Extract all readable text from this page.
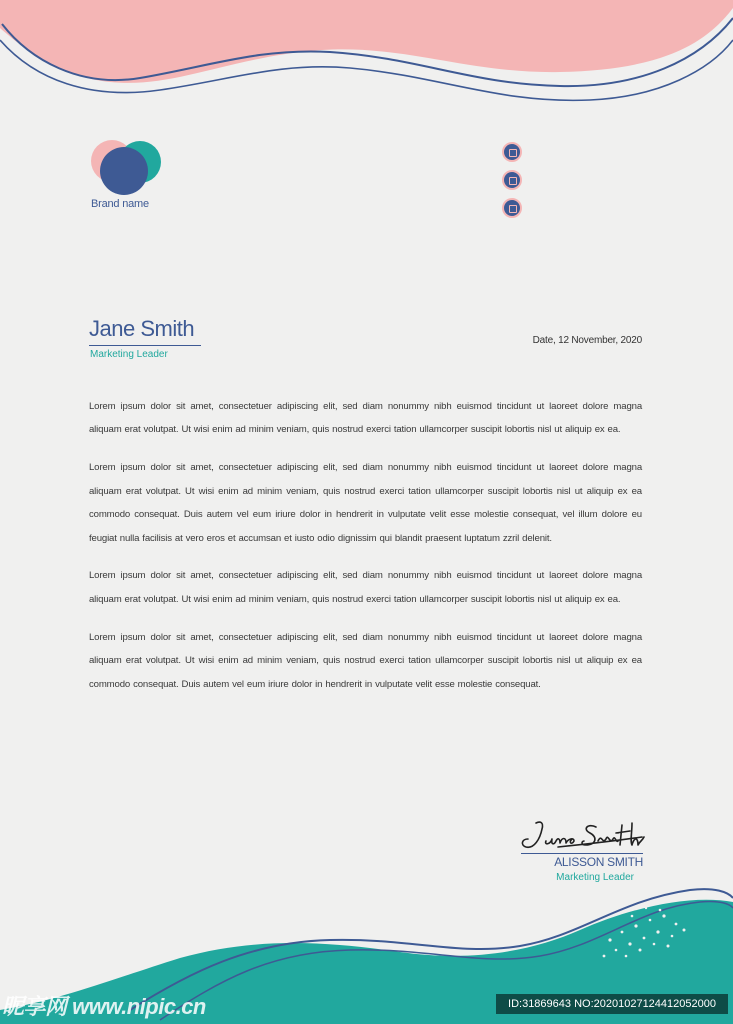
Brand name
Jane Smith
Marketing Leader
Date, 12 November, 2020

Lorem ipsum dolor sit amet, consectetuer adipiscing elit, sed diam nonummy nibh euismod tincidunt ut laoreet dolore magna aliquam erat volutpat. Ut wisi enim ad minim veniam, quis nostrud exerci tation ullamcorper suscipit lobortis nisl ut aliquip ex ea.

Lorem ipsum dolor sit amet, consectetuer adipiscing elit, sed diam nonummy nibh euismod tincidunt ut laoreet dolore magna aliquam erat volutpat. Ut wisi enim ad minim veniam, quis nostrud exerci tation ullamcorper suscipit lobortis nisl ut aliquip ex ea commodo consequat. Duis autem vel eum iriure dolor in hendrerit in vulputate velit esse molestie consequat, vel illum dolore eu feugiat nulla facilisis at vero eros et accumsan et iusto odio dignissim qui blandit praesent luptatum zzril delenit.

Lorem ipsum dolor sit amet, consectetuer adipiscing elit, sed diam nonummy nibh euismod tincidunt ut laoreet dolore magna aliquam erat volutpat. Ut wisi enim ad minim veniam, quis nostrud exerci tation ullamcorper suscipit lobortis nisl ut aliquip ex ea.

Lorem ipsum dolor sit amet, consectetuer adipiscing elit, sed diam nonummy nibh euismod tincidunt ut laoreet dolore magna aliquam erat volutpat. Ut wisi enim ad minim veniam, quis nostrud exerci tation ullamcorper suscipit lobortis nisl ut aliquip ex ea commodo consequat. Duis autem vel eum iriure dolor in hendrerit in vulputate velit esse molestie consequat.

ALISSON SMITH
Marketing Leader
昵享网 www.nipic.cn	ID:31869643 NO:20201027124412052000
